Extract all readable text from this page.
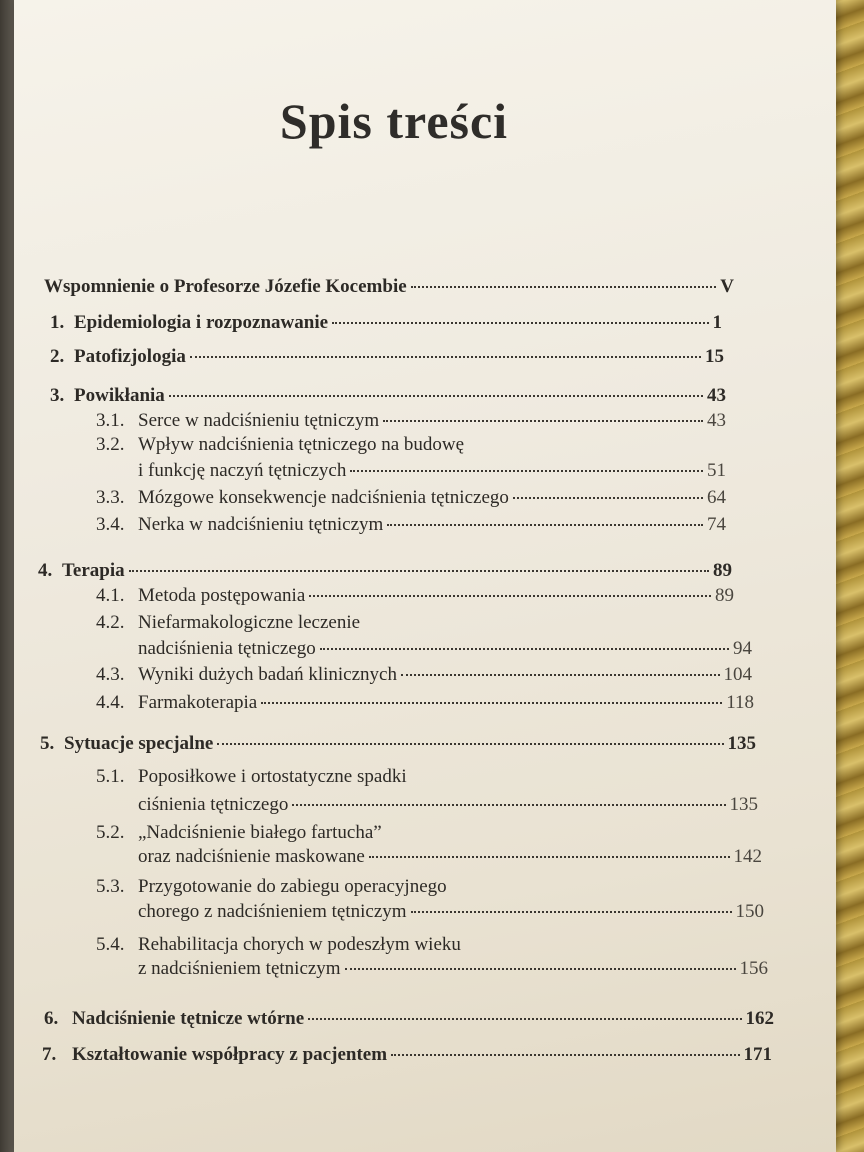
Spis treści
Wspomnienie o Profesorze Józefie Kocembie	V
1. Epidemiologia i rozpoznawanie	1
2. Patofizjologia	15
3. Powikłania	43
3.1. Serce w nadciśnieniu tętniczym	43
3.2. Wpływ nadciśnienia tętniczego na budowę
i funkcję naczyń tętniczych	51
3.3. Mózgowe konsekwencje nadciśnienia tętniczego	64
3.4. Nerka w nadciśnieniu tętniczym	74
4. Terapia	89
4.1. Metoda postępowania	89
4.2. Niefarmakologiczne leczenie
nadciśnienia tętniczego	94
4.3. Wyniki dużych badań klinicznych	104
4.4. Farmakoterapia	118
5. Sytuacje specjalne	135
5.1. Poposiłkowe i ortostatyczne spadki
ciśnienia tętniczego	135
5.2. „Nadciśnienie białego fartucha”
oraz nadciśnienie maskowane	142
5.3. Przygotowanie do zabiegu operacyjnego
chorego z nadciśnieniem tętniczym	150
5.4. Rehabilitacja chorych w podeszłym wieku
z nadciśnieniem tętniczym	156
6. Nadciśnienie tętnicze wtórne	162
7. Kształtowanie współpracy z pacjentem	171
